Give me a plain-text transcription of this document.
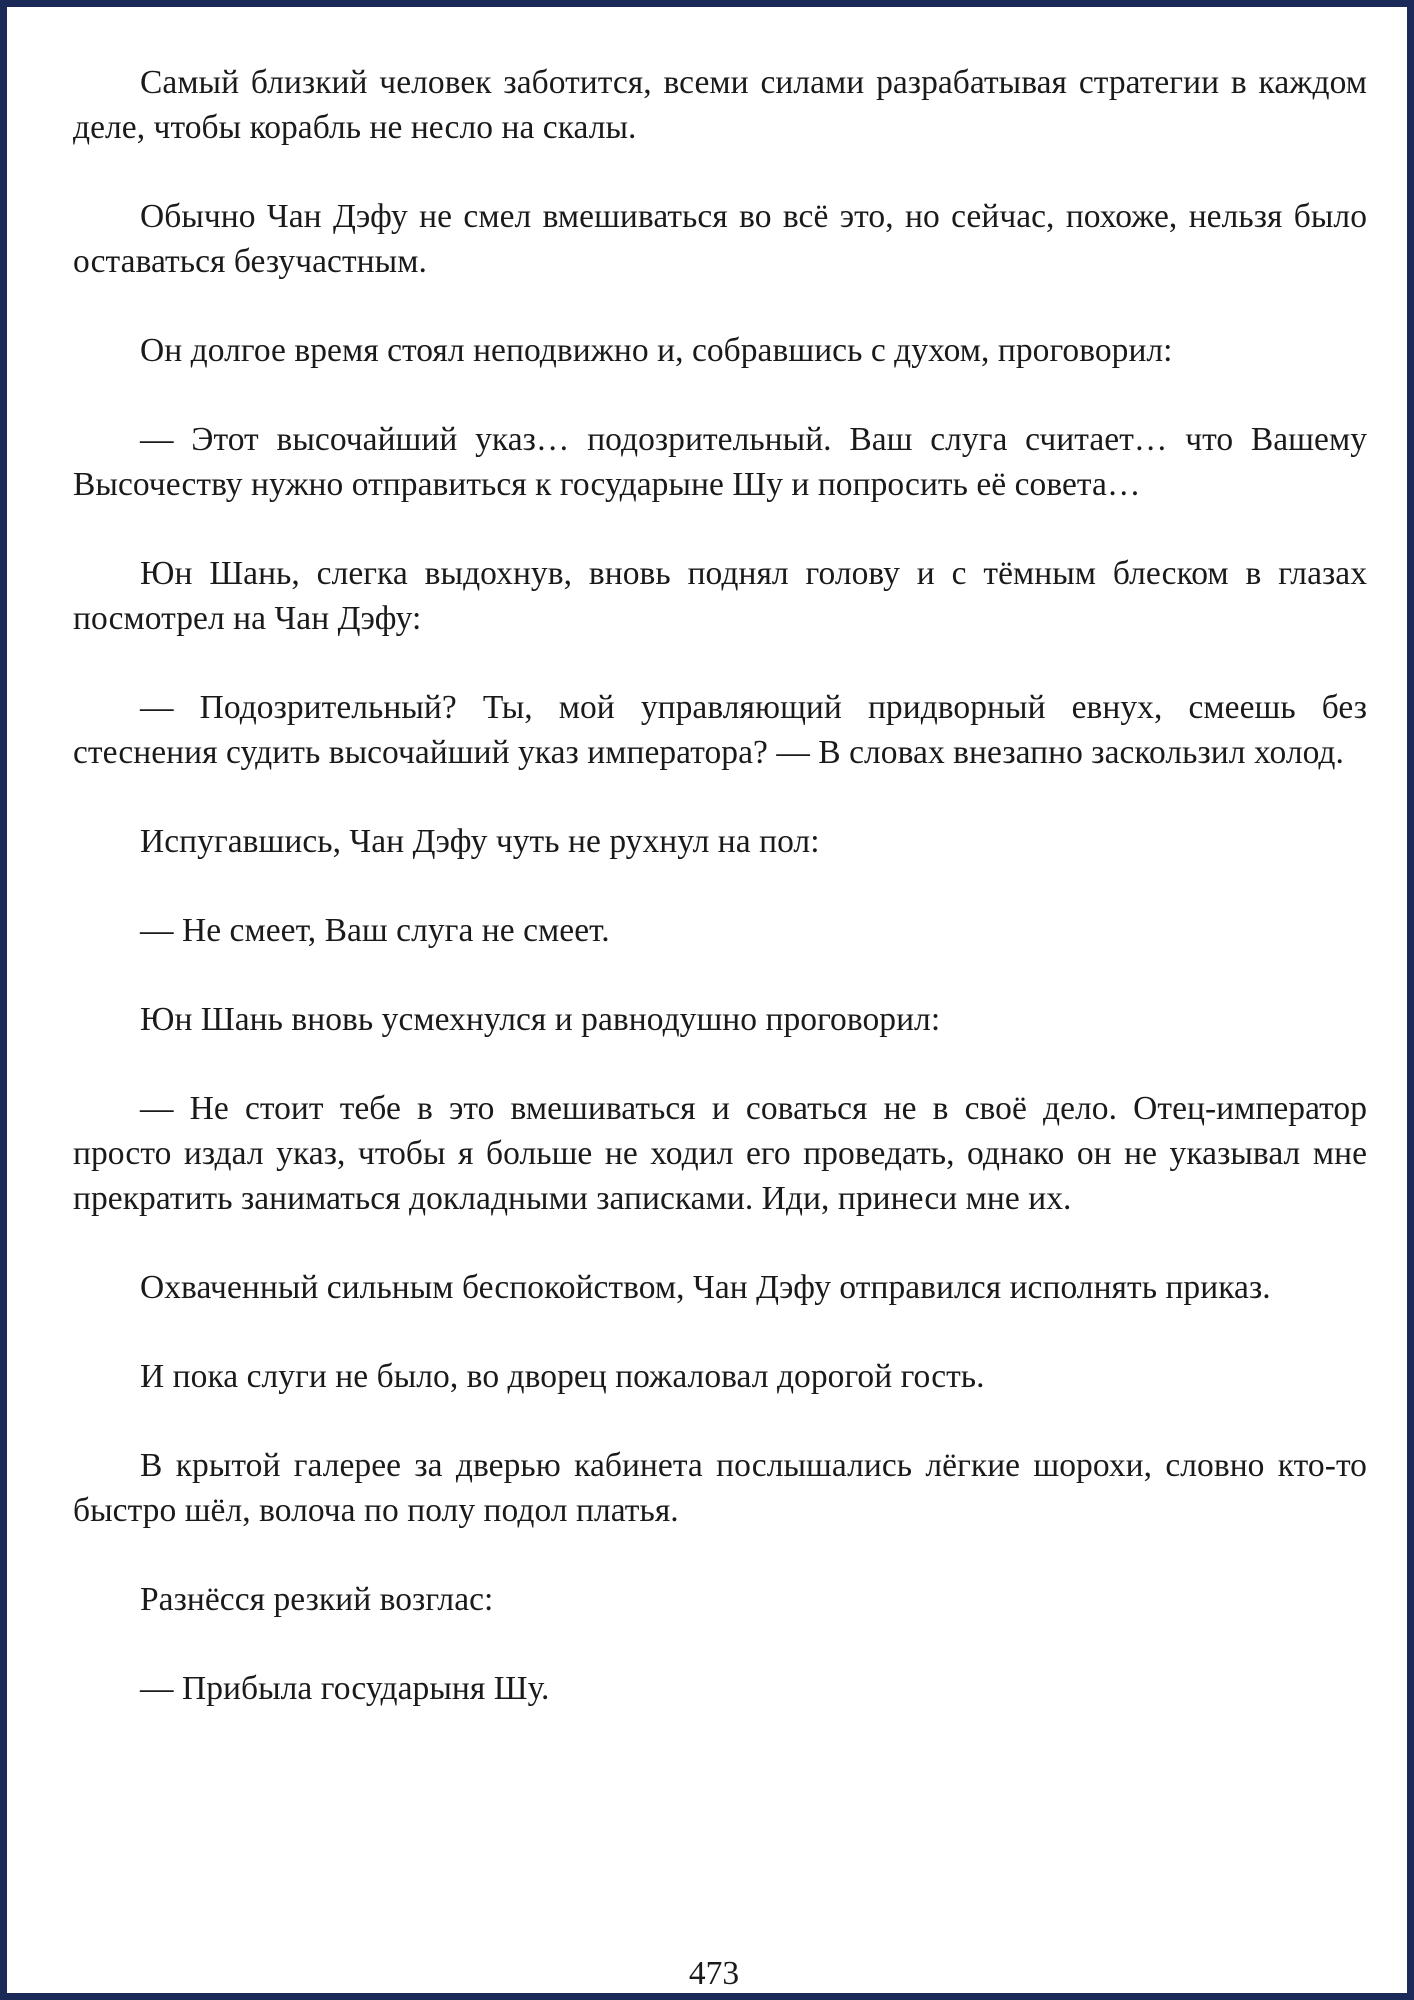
Самый близкий человек заботится, всеми силами разрабатывая стратегии в каждом деле, чтобы корабль не несло на скалы.

Обычно Чан Дэфу не смел вмешиваться во всё это, но сейчас, похоже, нельзя было оставаться безучастным.

Он долгое время стоял неподвижно и, собравшись с духом, проговорил:

— Этот высочайший указ… подозрительный. Ваш слуга считает… что Вашему Высочеству нужно отправиться к государыне Шу и попросить её совета…

Юн Шань, слегка выдохнув, вновь поднял голову и с тёмным блеском в глазах посмотрел на Чан Дэфу:

— Подозрительный? Ты, мой управляющий придворный евнух, смеешь без стеснения судить высочайший указ императора? — В словах внезапно заскользил холод.

Испугавшись, Чан Дэфу чуть не рухнул на пол:

— Не смеет, Ваш слуга не смеет.

Юн Шань вновь усмехнулся и равнодушно проговорил:

— Не стоит тебе в это вмешиваться и соваться не в своё дело. Отец-император просто издал указ, чтобы я больше не ходил его проведать, однако он не указывал мне прекратить заниматься докладными записками. Иди, принеси мне их.

Охваченный сильным беспокойством, Чан Дэфу отправился исполнять приказ.

И пока слуги не было, во дворец пожаловал дорогой гость.

В крытой галерее за дверью кабинета послышались лёгкие шорохи, словно кто-то быстро шёл, волоча по полу подол платья.

Разнёсся резкий возглас:

— Прибыла государыня Шу.

473
